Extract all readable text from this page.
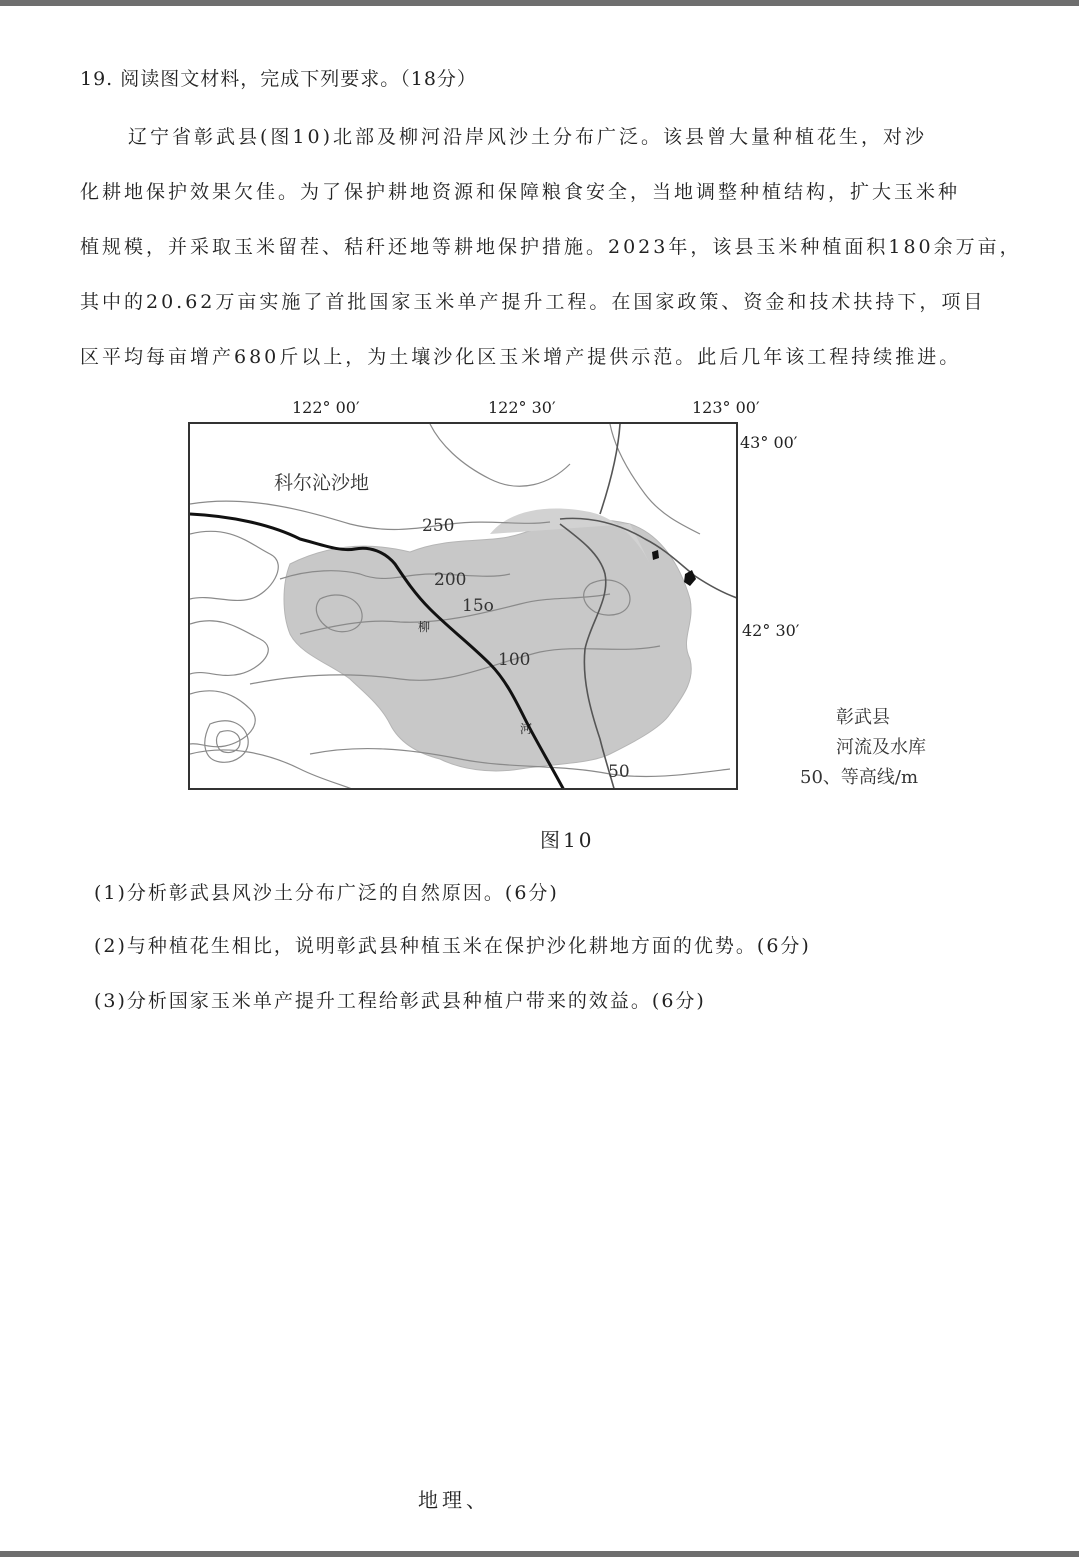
19. 阅读图文材料，完成下列要求。（18分）
辽宁省彰武县(图10)北部及柳河沿岸风沙土分布广泛。该县曾大量种植花生，对沙
化耕地保护效果欠佳。为了保护耕地资源和保障粮食安全，当地调整种植结构，扩大玉米种
植规模，并采取玉米留茬、秸秆还地等耕地保护措施。2023年，该县玉米种植面积180余万亩，
其中的20.62万亩实施了首批国家玉米单产提升工程。在国家政策、资金和技术扶持下，项目
区平均每亩增产680斤以上，为土壤沙化区玉米增产提供示范。此后几年该工程持续推进。
122° 00′	122° 30′	123° 00′
43° 00′
42° 30′
科尔沁沙地
250
200
15o
100
50
柳
河
彰武县
河流及水库
50、等高线/m
图10
(1)分析彰武县风沙土分布广泛的自然原因。(6分)
(2)与种植花生相比，说明彰武县种植玉米在保护沙化耕地方面的优势。(6分)
(3)分析国家玉米单产提升工程给彰武县种植户带来的效益。(6分)
地理、
